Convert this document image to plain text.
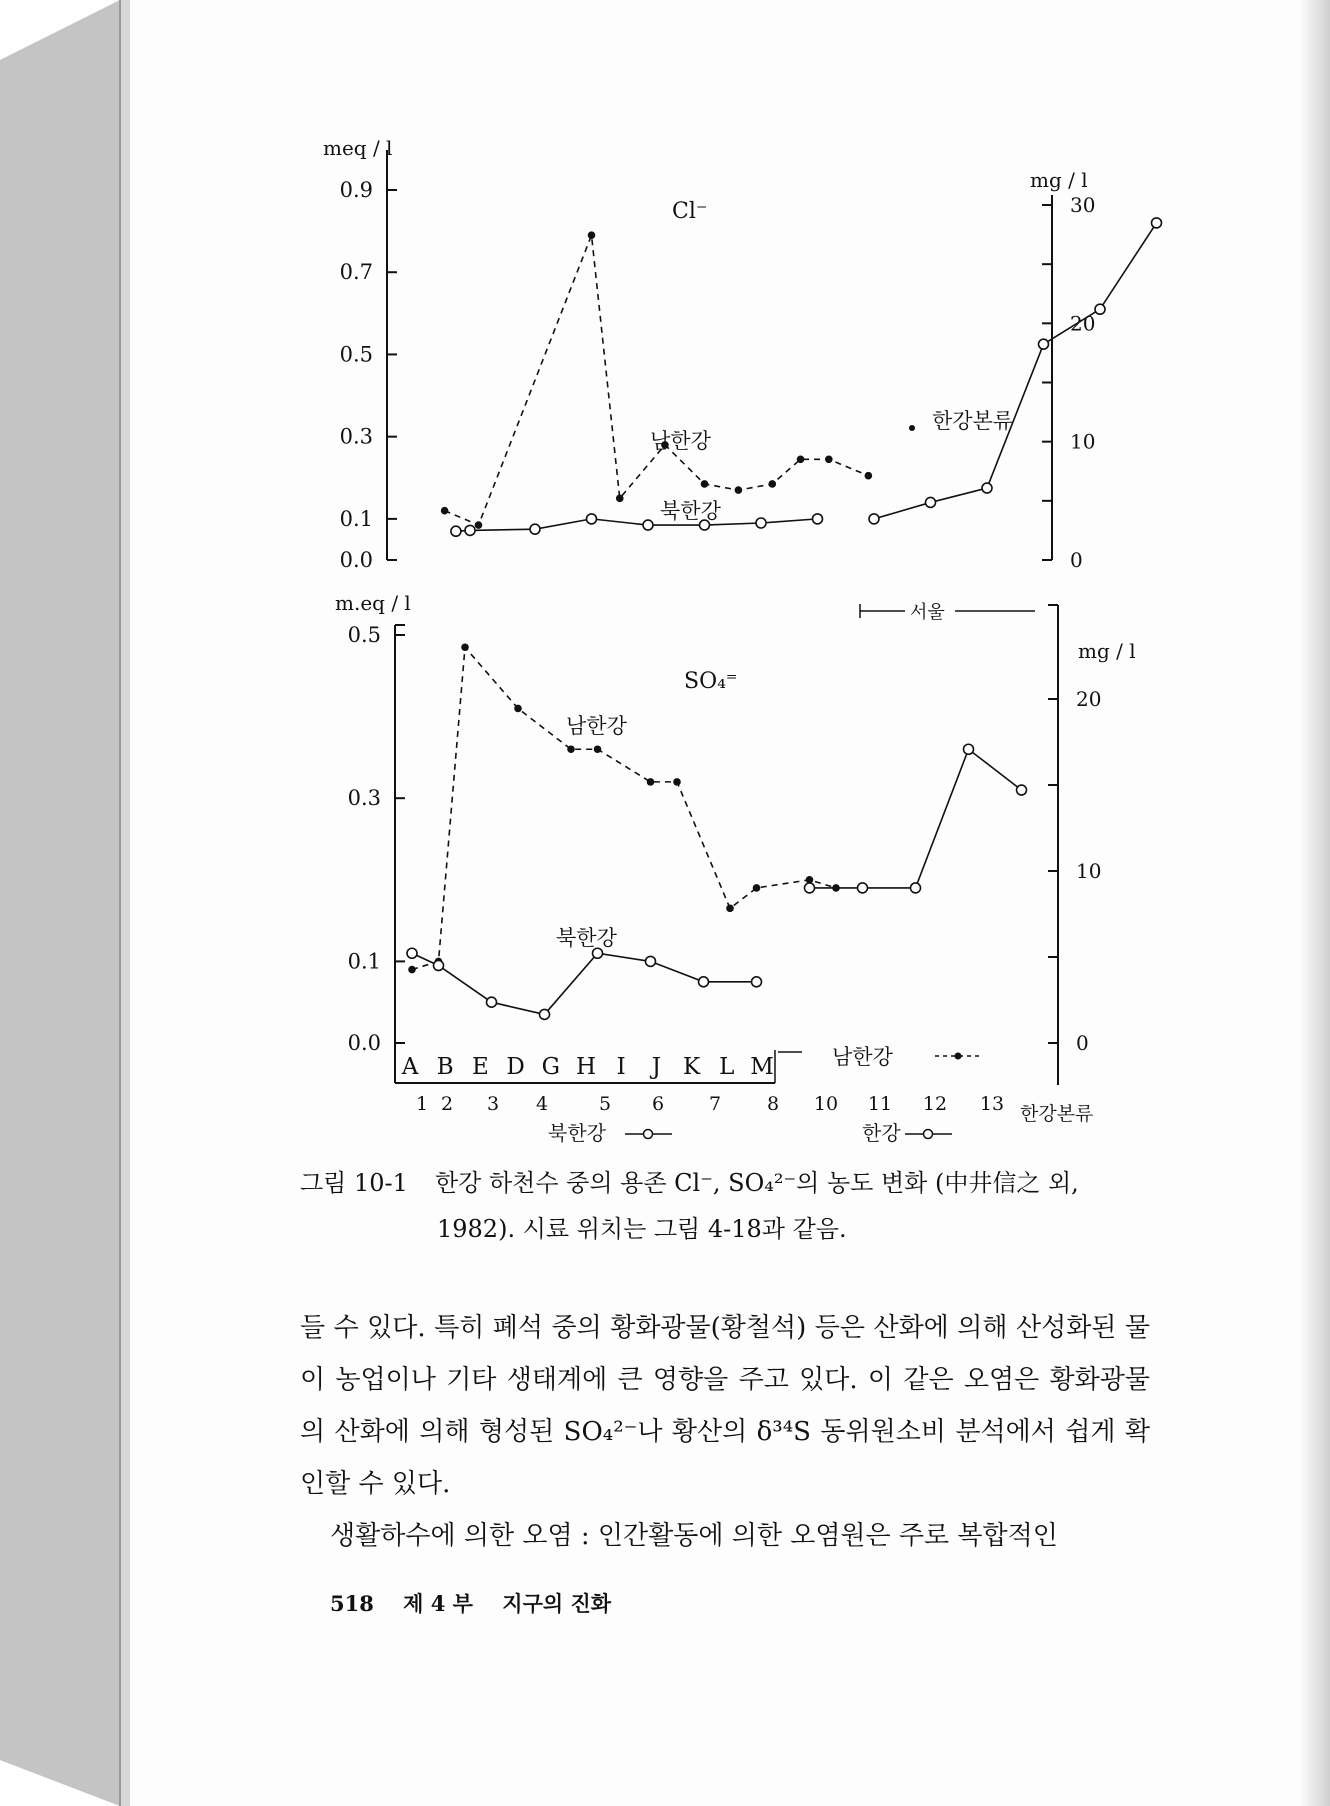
meq / l
mg / l
Cl⁻
0.9
0.7
0.5
0.3
0.1
0.0
30
20
10
0
남한강
북한강
한강본류
m.eq / l
mg / l
SO₄⁼
0.5
0.3
0.1
0.0
20
10
0
남한강
북한강
서울
A B E D G H I J K L M
1 2 3 4	5 6 7 8 10 11 12 13 한강본류
남한강
북한강	한강
그림 10-1 한강 하천수 중의 용존 Cl⁻, SO₄²⁻의 농도 변화 (中井信之 외,
1982). 시료 위치는 그림 4-18과 같음.

들 수 있다. 특히 폐석 중의 황화광물(황철석) 등은 산화에 의해 산성화된 물이 농업이나 기타 생태계에 큰 영향을 주고 있다. 이 같은 오염은 황화광물의 산화에 의해 형성된 SO₄²⁻나 황산의 δ³⁴S 동위원소비 분석에서 쉽게 확인할 수 있다.

생활하수에 의한 오염 : 인간활동에 의한 오염원은 주로 복합적인

518 제 4 부 지구의 진화
